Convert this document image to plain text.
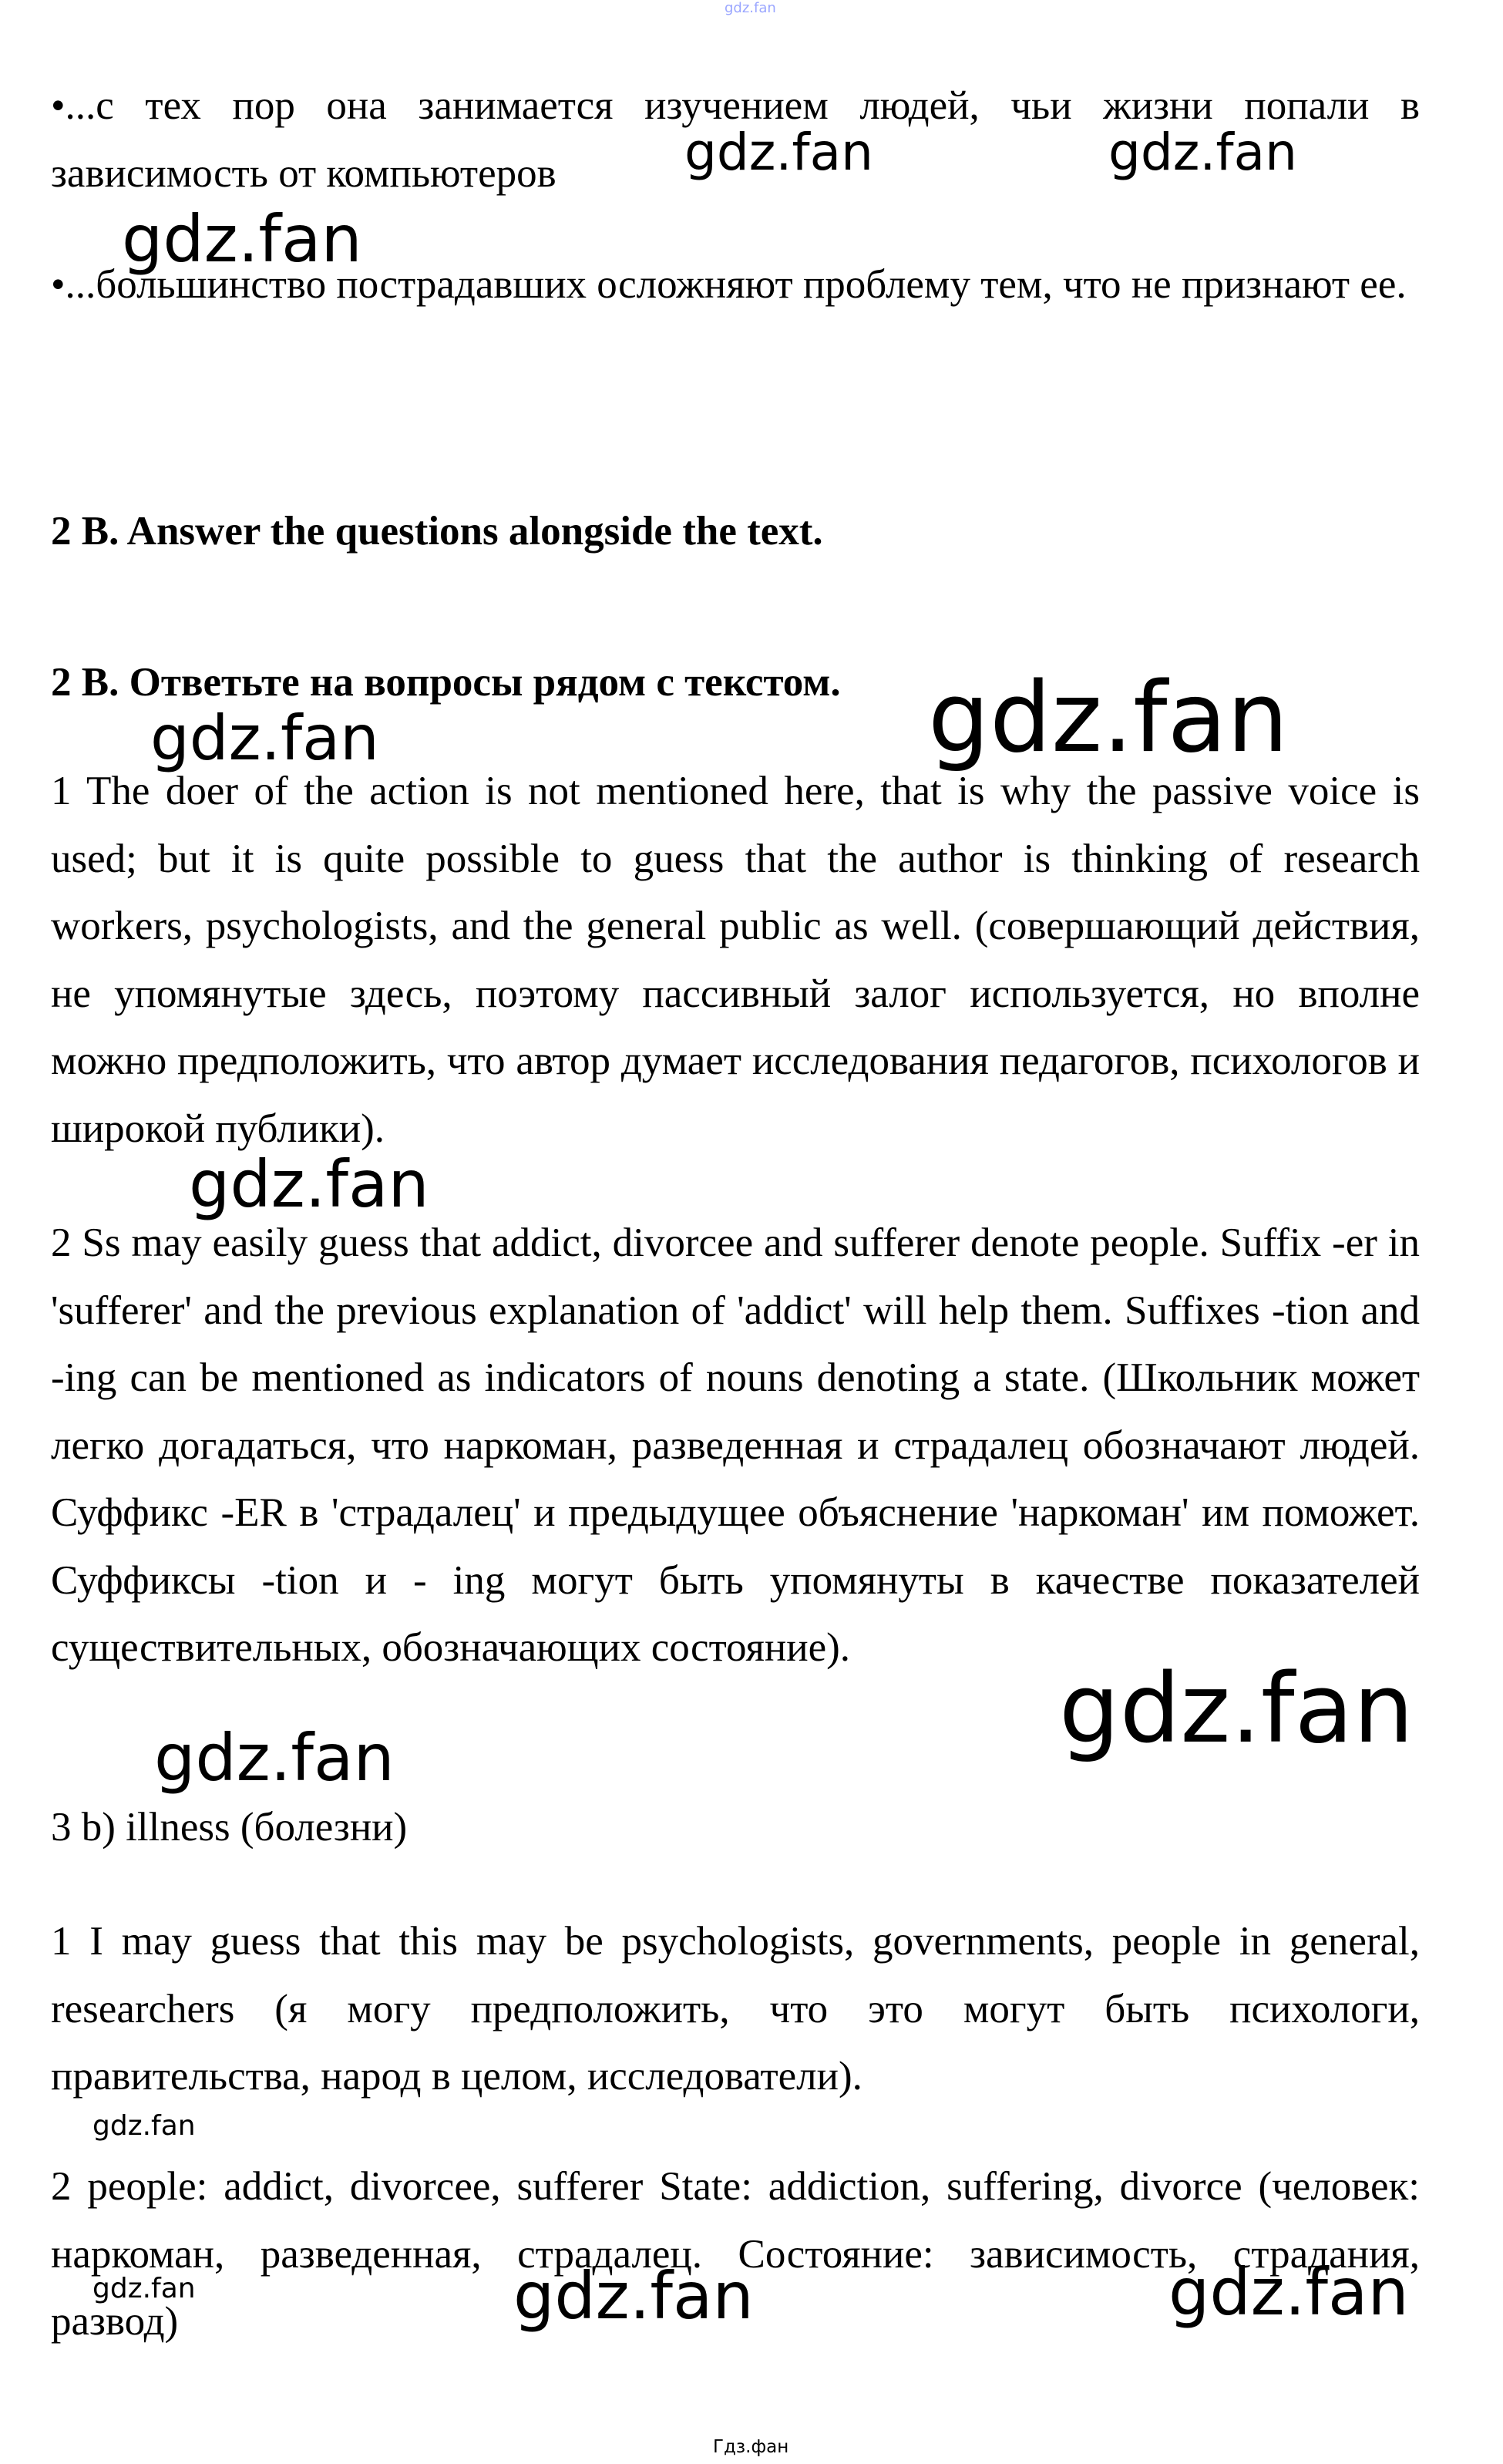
gdz.fan

•...с тех пор она занимается изучением людей, чьи жизни попали в зависимость от компьютеров

•...большинство пострадавших осложняют проблему тем, что не признают ее.

2 B. Answer the questions alongside the text.

2 B. Ответьте на вопросы рядом с текстом.

1 The doer of the action is not mentioned here, that is why the passive voice is used; but it is quite possible to guess that the author is thinking of research workers, psychologists, and the general public as well. (совершающий действия, не упомянутые здесь, поэтому пассивный залог используется, но вполне можно предположить, что автор думает исследования педагогов, психологов и широкой публики).

2 Ss may easily guess that addict, divorcee and sufferer denote people. Suffix -er in 'sufferer' and the previous explanation of 'addict' will help them. Suffixes -tion and -ing can be mentioned as indicators of nouns denoting a state. (Школьник может легко догадаться, что наркоман, разведенная и страдалец обозначают людей. Суффикс -ER в 'страдалец' и предыдущее объяснение 'наркоман' им поможет. Суффиксы -tion и - ing могут быть упомянуты в качестве показателей существительных, обозначающих состояние).

3 b) illness (болезни)

1 I may guess that this may be psychologists, governments, people in general, researchers (я могу предположить, что это могут быть психологи, правительства, народ в целом, исследователи).

2 people: addict, divorcee, sufferer State: addiction, suffering, divorce (человек: наркоман, разведенная, страдалец. Состояние: зависимость, страдания, развод)

gdz.fan	gdz.fan
gdz.fan
gdz.fan	gdz.fan
gdz.fan
gdz.fan
gdz.fan
gdz.fan
gdz.fan	gdz.fan	gdz.fan
Гдз.фан
